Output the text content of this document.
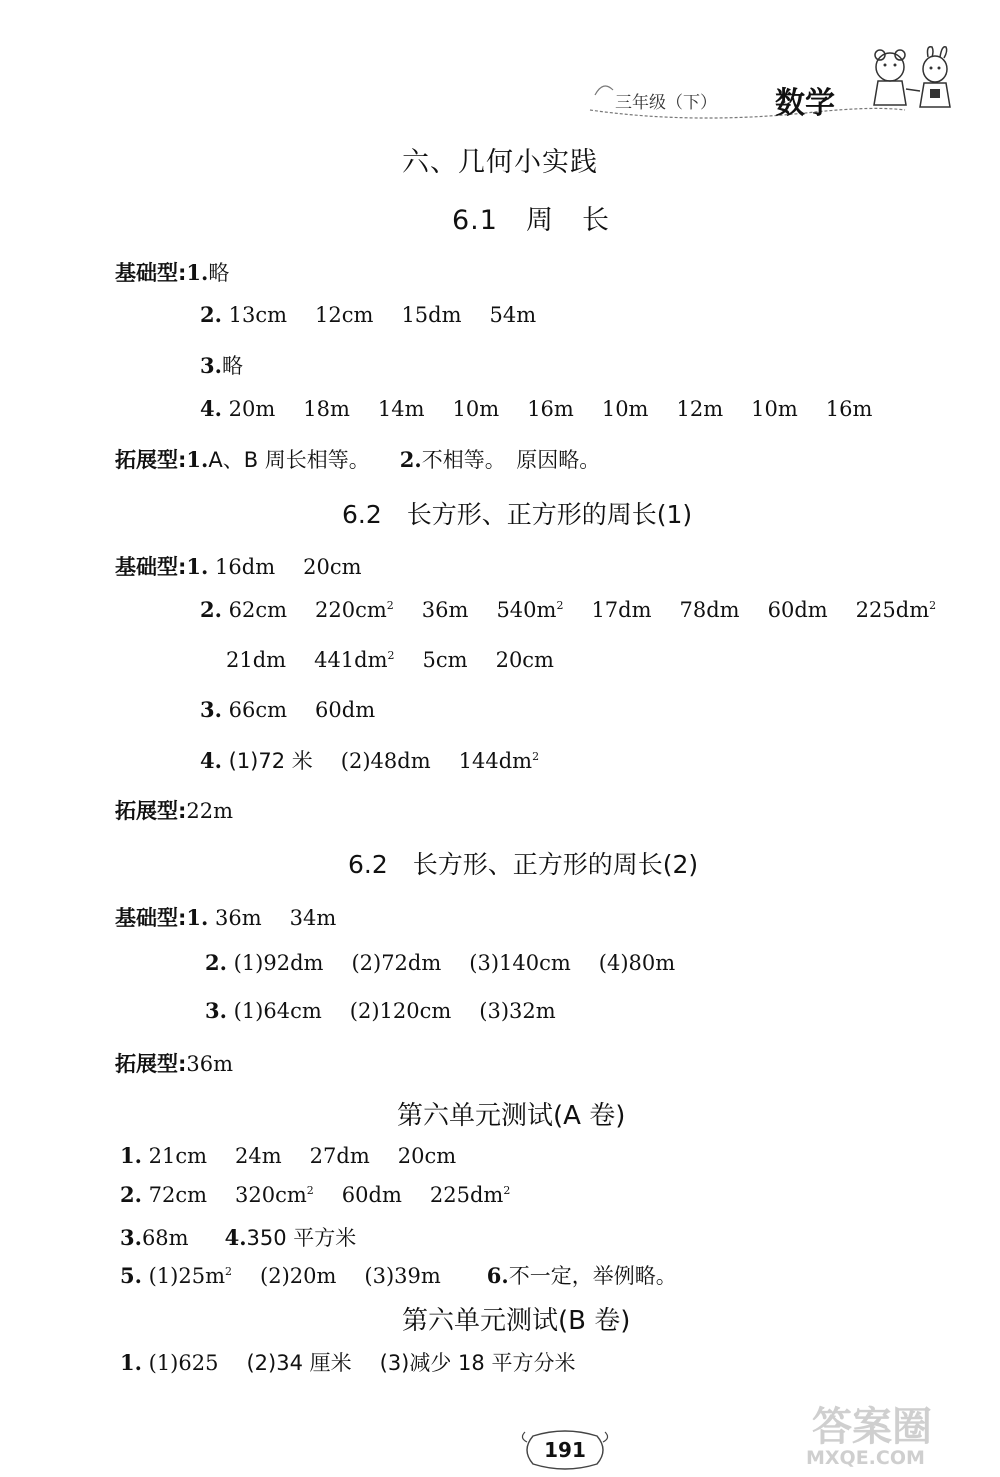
三年级（下） 数学
六、几何小实践
6.1　周　长
基础型:1.略
2. 13cm 12cm 15dm 54m
3.略
4. 20m 18m 14m 10m 16m 10m 12m 10m 16m
拓展型:1.A、B 周长相等。 2.不相等。　原因略。
6.2　长方形、正方形的周长(1)
基础型:1. 16dm 20cm
2. 62cm $220cm^2$ 36m $540m^2$ 17dm 78dm 60dm $225dm^2$
21dm $441dm^2$ 5cm 20cm
3. 66cm 60dm
4. (1)72 米 (2)48dm $144dm^2$
拓展型:22m
6.2　长方形、正方形的周长(2)
基础型:1. 36m 34m
2. (1)92dm (2)72dm (3)140cm (4)80m
3. (1)64cm (2)120cm (3)32m
拓展型:36m
第六单元测试(A 卷)
1. 21cm 24m 27dm 20cm
2. 72cm $320cm^2$ 60dm $225dm^2$
3.68m 4.350 平方米
5. $(1)25m^2$ (2)20m (3)39m 6.不一定，举例略。
第六单元测试(B 卷)
1. (1)625 (2)34 厘米 (3)减少 18 平方分米
191	答案圈
MXQE.COM
